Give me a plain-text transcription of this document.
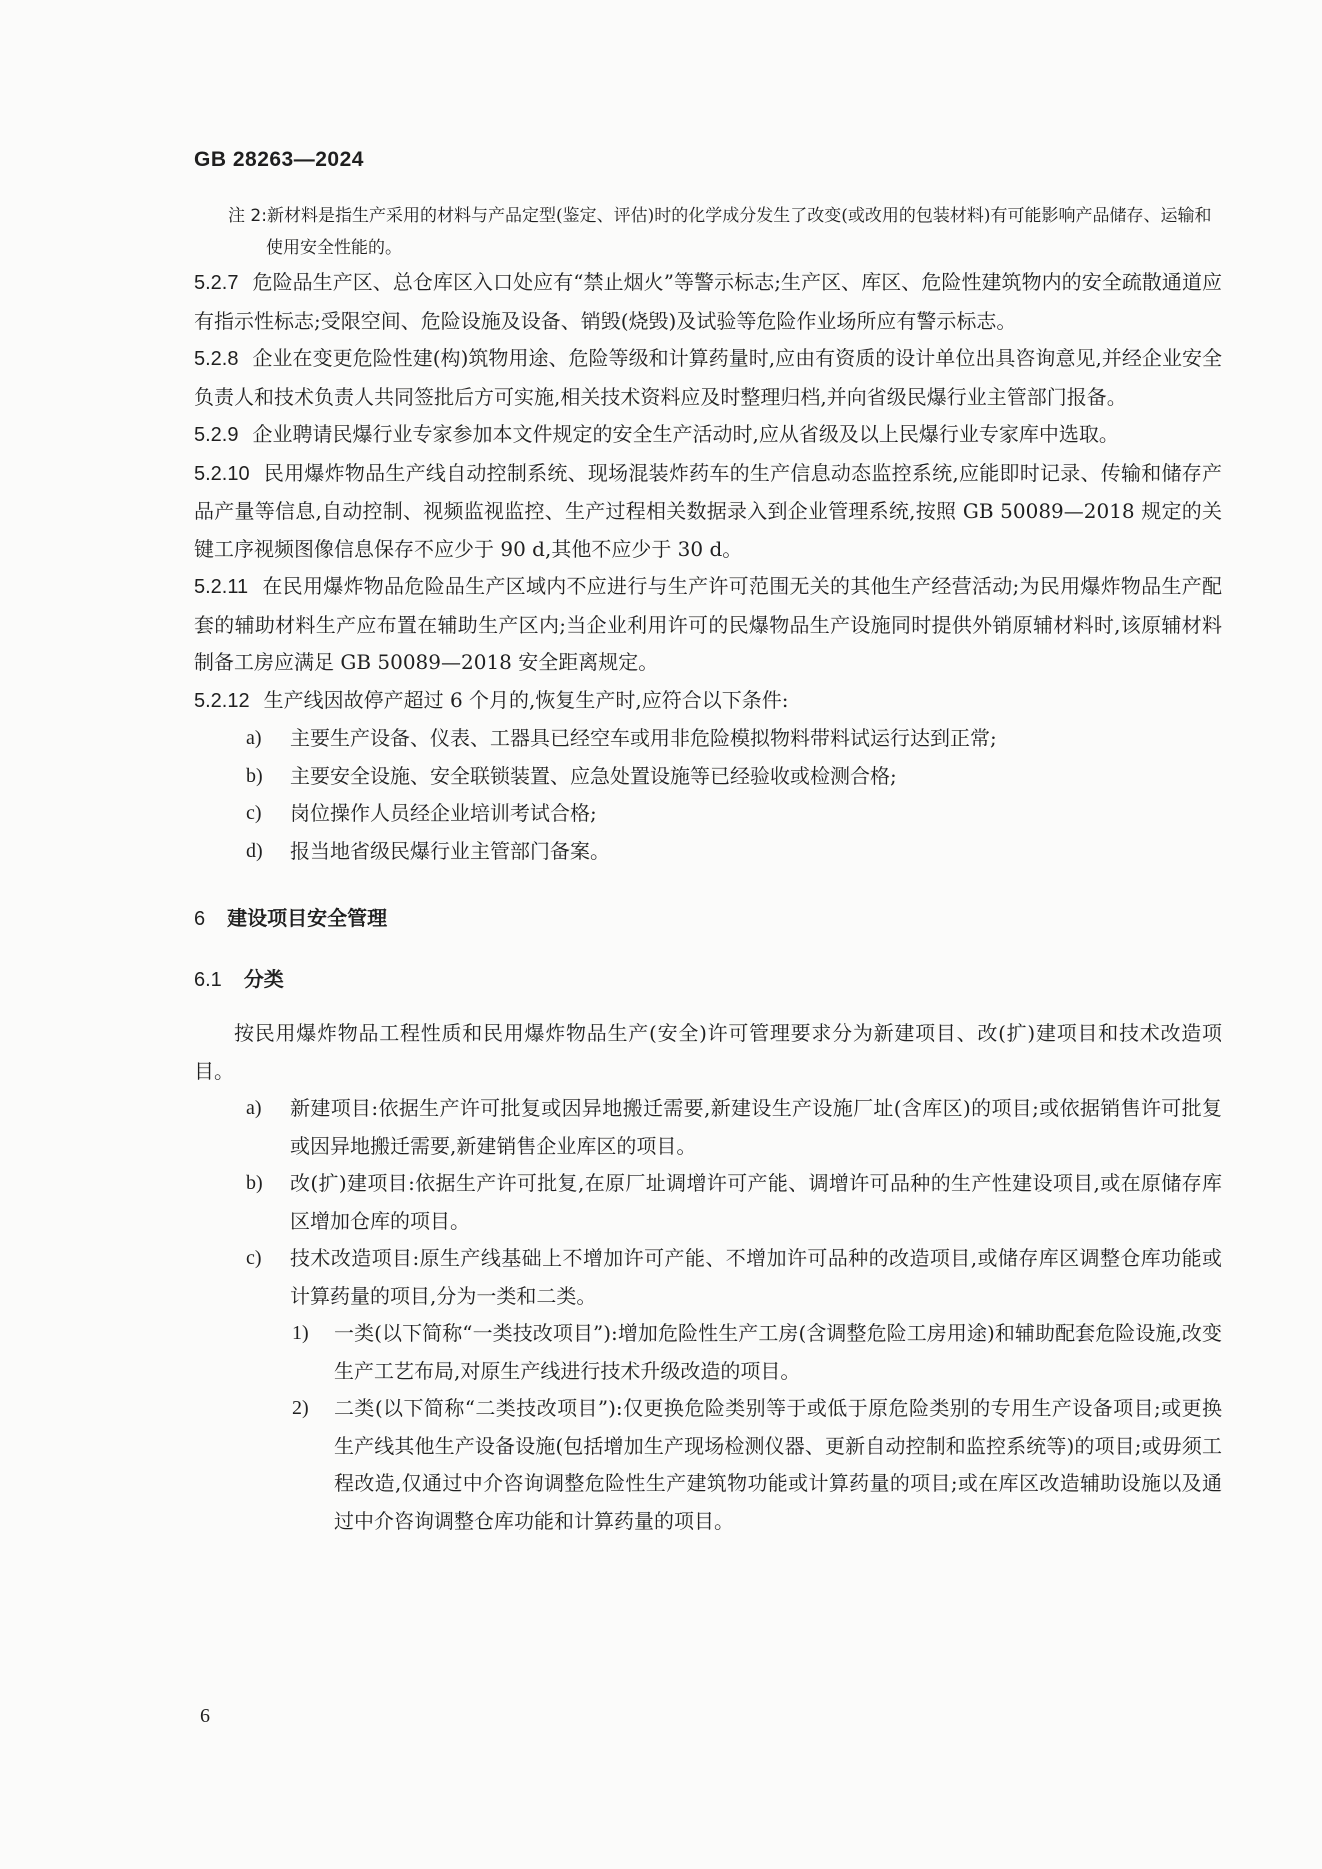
GB 28263—2024

注 2:新材料是指生产采用的材料与产品定型(鉴定、评估)时的化学成分发生了改变(或改用的包装材料)有可能影响产品储存、运输和使用安全性能的。

5.2.7 危险品生产区、总仓库区入口处应有“禁止烟火”等警示标志;生产区、库区、危险性建筑物内的安全疏散通道应有指示性标志;受限空间、危险设施及设备、销毁(烧毁)及试验等危险作业场所应有警示标志。

5.2.8 企业在变更危险性建(构)筑物用途、危险等级和计算药量时,应由有资质的设计单位出具咨询意见,并经企业安全负责人和技术负责人共同签批后方可实施,相关技术资料应及时整理归档,并向省级民爆行业主管部门报备。

5.2.9 企业聘请民爆行业专家参加本文件规定的安全生产活动时,应从省级及以上民爆行业专家库中选取。

5.2.10 民用爆炸物品生产线自动控制系统、现场混装炸药车的生产信息动态监控系统,应能即时记录、传输和储存产品产量等信息,自动控制、视频监视监控、生产过程相关数据录入到企业管理系统,按照 GB 50089—2018 规定的关键工序视频图像信息保存不应少于 90 d,其他不应少于 30 d。

5.2.11 在民用爆炸物品危险品生产区域内不应进行与生产许可范围无关的其他生产经营活动;为民用爆炸物品生产配套的辅助材料生产应布置在辅助生产区内;当企业利用许可的民爆物品生产设施同时提供外销原辅材料时,该原辅材料制备工房应满足 GB 50089—2018 安全距离规定。

5.2.12 生产线因故停产超过 6 个月的,恢复生产时,应符合以下条件:

a) 主要生产设备、仪表、工器具已经空车或用非危险模拟物料带料试运行达到正常;
b) 主要安全设施、安全联锁装置、应急处置设施等已经验收或检测合格;
c) 岗位操作人员经企业培训考试合格;
d) 报当地省级民爆行业主管部门备案。
6 建设项目安全管理
6.1 分类

按民用爆炸物品工程性质和民用爆炸物品生产(安全)许可管理要求分为新建项目、改(扩)建项目和技术改造项目。

a) 新建项目:依据生产许可批复或因异地搬迁需要,新建设生产设施厂址(含库区)的项目;或依据销售许可批复或因异地搬迁需要,新建销售企业库区的项目。
b) 改(扩)建项目:依据生产许可批复,在原厂址调增许可产能、调增许可品种的生产性建设项目,或在原储存库区增加仓库的项目。
c) 技术改造项目:原生产线基础上不增加许可产能、不增加许可品种的改造项目,或储存库区调整仓库功能或计算药量的项目,分为一类和二类。
1) 一类(以下简称“一类技改项目”):增加危险性生产工房(含调整危险工房用途)和辅助配套危险设施,改变生产工艺布局,对原生产线进行技术升级改造的项目。
2) 二类(以下简称“二类技改项目”):仅更换危险类别等于或低于原危险类别的专用生产设备项目;或更换生产线其他生产设备设施(包括增加生产现场检测仪器、更新自动控制和监控系统等)的项目;或毋须工程改造,仅通过中介咨询调整危险性生产建筑物功能或计算药量的项目;或在库区改造辅助设施以及通过中介咨询调整仓库功能和计算药量的项目。
6
